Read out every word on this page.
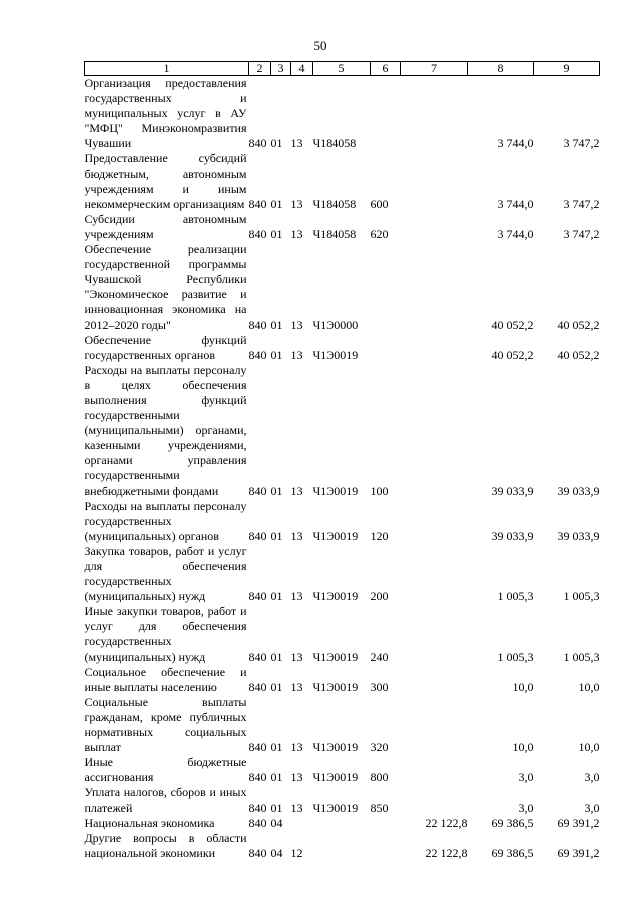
50
1	2	3	4	5	6	7	8	9
Организация предоставления государственных и муниципальных услуг в АУ "МФЦ" Минэкономразвития Чувашии	840	01	13	Ч184058			3 744,0	3 747,2
Предоставление субсидий бюджетным, автономным учреждениям и иным некоммерческим организациям	840	01	13	Ч184058	600		3 744,0	3 747,2
Субсидии автономным учреждениям	840	01	13	Ч184058	620		3 744,0	3 747,2
Обеспечение реализации государственной программы Чувашской Республики "Экономическое развитие и инновационная экономика на 2012–2020 годы"	840	01	13	Ч1Э0000			40 052,2	40 052,2
Обеспечение функций государственных органов	840	01	13	Ч1Э0019			40 052,2	40 052,2
Расходы на выплаты персоналу в целях обеспечения выполнения функций государственными (муниципальными) органами, казенными учреждениями, органами управления государственными внебюджетными фондами	840	01	13	Ч1Э0019	100		39 033,9	39 033,9
Расходы на выплаты персоналу государственных (муниципальных) органов	840	01	13	Ч1Э0019	120		39 033,9	39 033,9
Закупка товаров, работ и услуг для обеспечения государственных (муниципальных) нужд	840	01	13	Ч1Э0019	200		1 005,3	1 005,3
Иные закупки товаров, работ и услуг для обеспечения государственных (муниципальных) нужд	840	01	13	Ч1Э0019	240		1 005,3	1 005,3
Социальное обеспечение и иные выплаты населению	840	01	13	Ч1Э0019	300		10,0	10,0
Социальные выплаты гражданам, кроме публичных нормативных социальных выплат	840	01	13	Ч1Э0019	320		10,0	10,0
Иные бюджетные ассигнования	840	01	13	Ч1Э0019	800		3,0	3,0
Уплата налогов, сборов и иных платежей	840	01	13	Ч1Э0019	850		3,0	3,0
Национальная экономика	840	04				22 122,8	69 386,5	69 391,2
Другие вопросы в области национальной экономики	840	04	12			22 122,8	69 386,5	69 391,2
